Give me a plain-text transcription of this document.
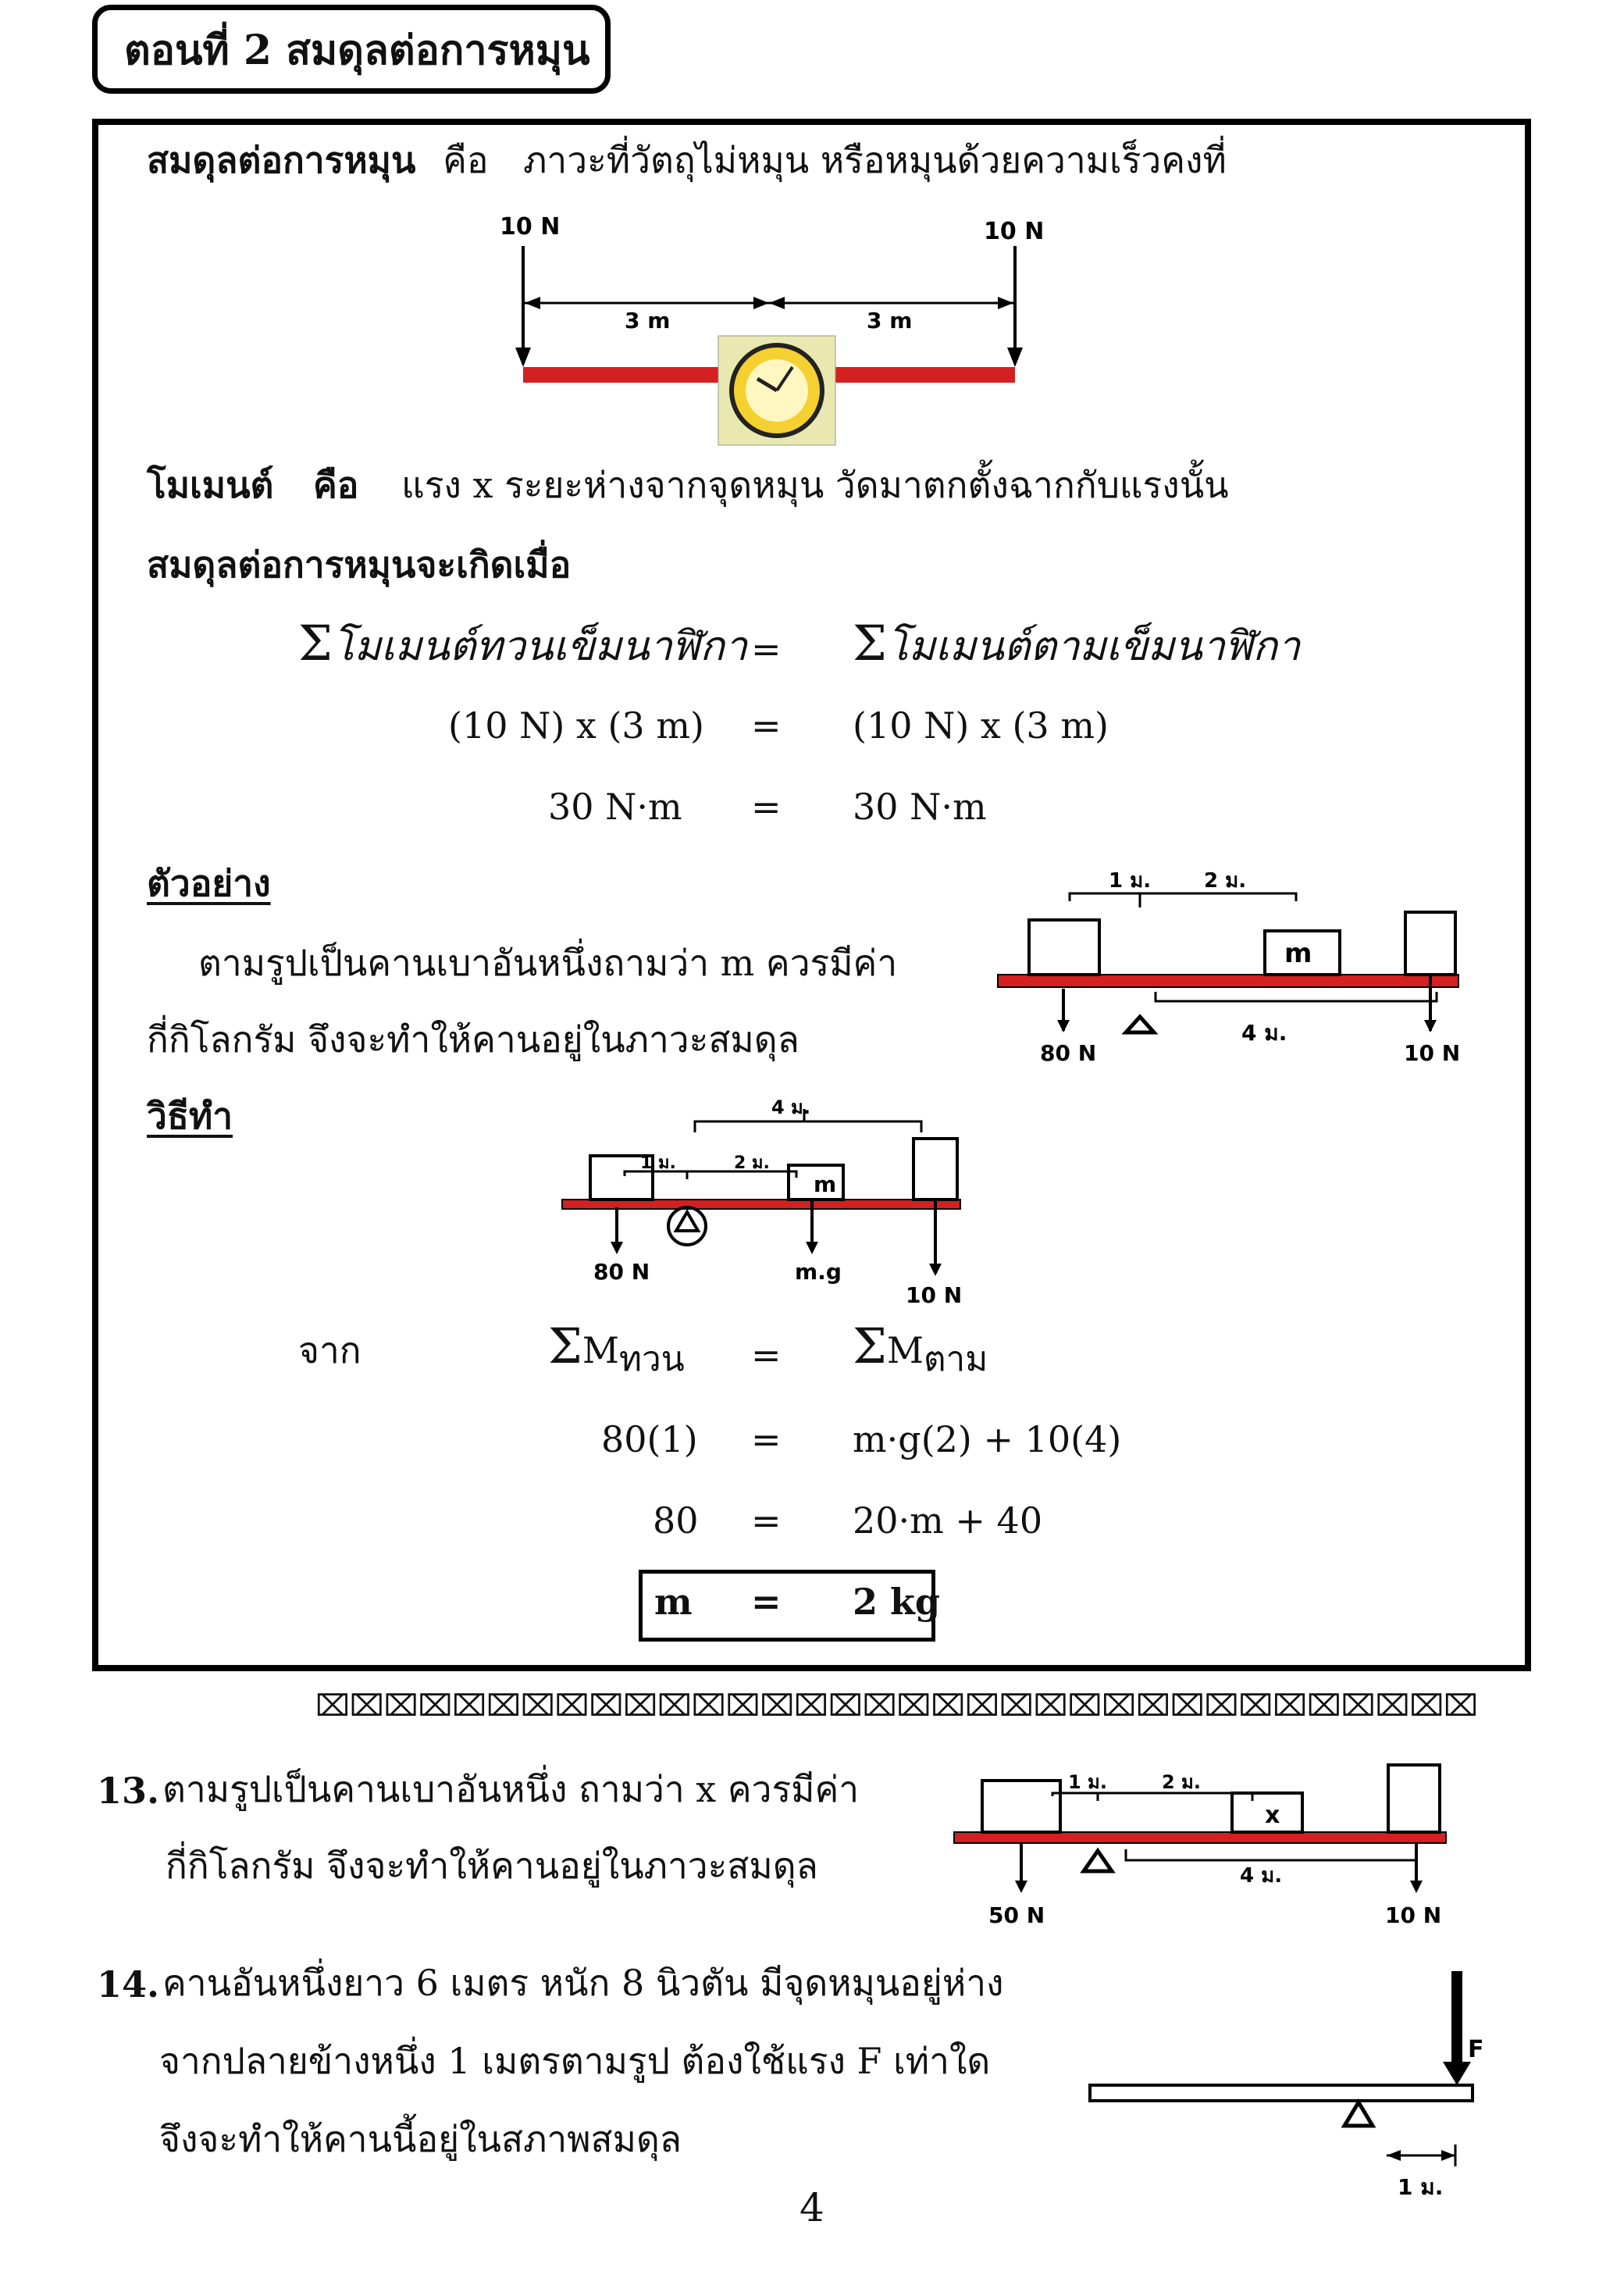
ตอนที่ 2 สมดุลต่อการหมุน
สมดุลต่อการหมุน คือ ภาวะที่วัตถุไม่หมุน หรือหมุนด้วยความเร็วคงที่
10 N	10 N
3 m	3 m
โมเมนต์ คือ แรง x ระยะห่างจากจุดหมุน วัดมาตกตั้งฉากกับแรงนั้น
สมดุลต่อการหมุนจะเกิดเมื่อ
Σโมเมนต์ทวนเข็มนาฬิกา = Σโมเมนต์ตามเข็มนาฬิกา
(10 N) x (3 m) = (10 N) x (3 m)
30 N·m = 30 N·m
ตัวอย่าง
ตามรูปเป็นคานเบาอันหนึ่งถามว่า m ควรมีค่า
กี่กิโลกรัม จึงจะทำให้คานอยู่ในภาวะสมดุล
1 ม.	2 ม.
m
4 ม.
80 N	10 N
วิธีทำ	4 ม.
1 ม.	2 ม.
m
80 N	m.g
10 N
จาก	$\Sigma M_{ทวน} = \Sigma M_{ตาม}$
80(1) = m·g(2) + 10(4)
80 = 20·m + 40
m = 2 kg
⌧⌧⌧⌧⌧⌧⌧⌧⌧⌧⌧⌧⌧⌧⌧⌧⌧⌧⌧⌧⌧⌧⌧⌧⌧⌧⌧⌧⌧⌧⌧⌧⌧⌧
13. ตามรูปเป็นคานเบาอันหนึ่ง ถามว่า x ควรมีค่า
กี่กิโลกรัม จึงจะทำให้คานอยู่ในภาวะสมดุล
1 ม.	2 ม.
x
4 ม.
50 N	10 N
14. คานอันหนึ่งยาว 6 เมตร หนัก 8 นิวตัน มีจุดหมุนอยู่ห่าง
จากปลายข้างหนึ่ง 1 เมตรตามรูป ต้องใช้แรง F เท่าใด
จึงจะทำให้คานนี้อยู่ในสภาพสมดุล
F
1 ม.
4
